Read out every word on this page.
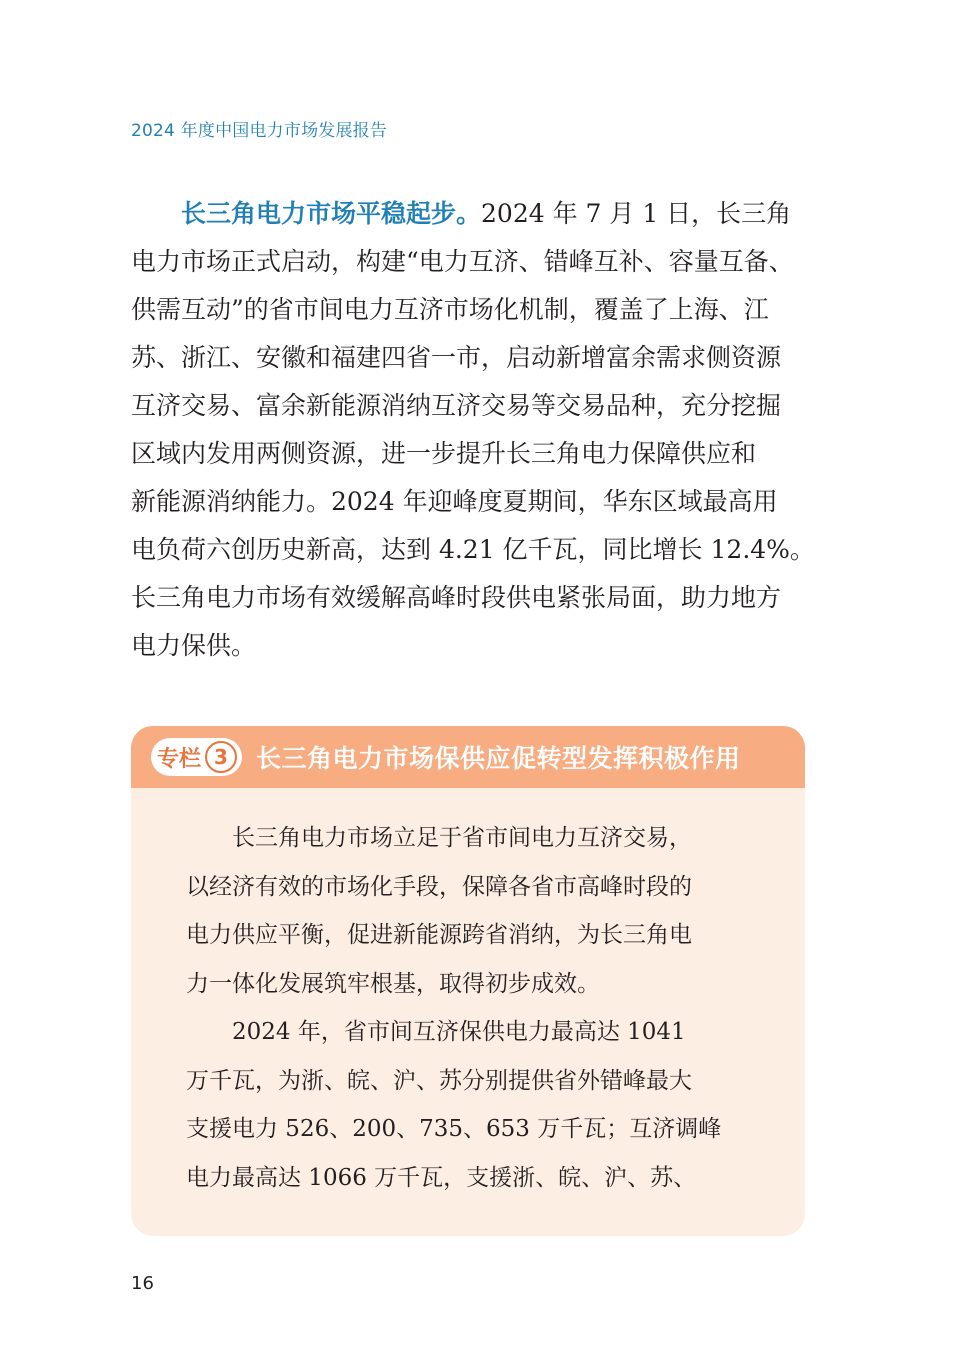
2024 年度中国电力市场发展报告
长三角电力市场平稳起步。2024 年 7 月 1 日，长三角
电力市场正式启动，构建“电力互济、错峰互补、容量互备、
供需互动”的省市间电力互济市场化机制，覆盖了上海、江
苏、浙江、安徽和福建四省一市，启动新增富余需求侧资源
互济交易、富余新能源消纳互济交易等交易品种，充分挖掘
区域内发用两侧资源，进一步提升长三角电力保障供应和
新能源消纳能力。2024 年迎峰度夏期间，华东区域最高用
电负荷六创历史新高，达到 4.21 亿千瓦，同比增长 12.4%。
长三角电力市场有效缓解高峰时段供电紧张局面，助力地方
电力保供。
专栏 3	长三角电力市场保供应促转型发挥积极作用
长三角电力市场立足于省市间电力互济交易，
以经济有效的市场化手段，保障各省市高峰时段的
电力供应平衡，促进新能源跨省消纳，为长三角电
力一体化发展筑牢根基，取得初步成效。
2024 年，省市间互济保供电力最高达 1041
万千瓦，为浙、皖、沪、苏分别提供省外错峰最大
支援电力 526、200、735、653 万千瓦；互济调峰
电力最高达 1066 万千瓦，支援浙、皖、沪、苏、
16
